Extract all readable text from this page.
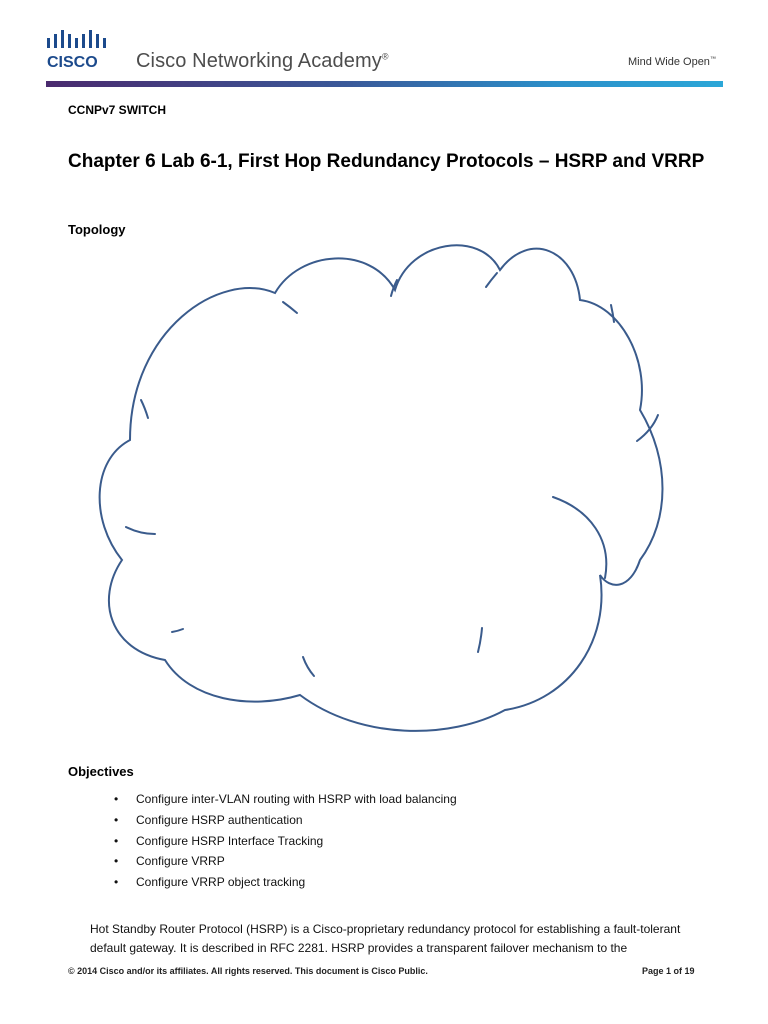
CISCO Cisco Networking Academy®	Mind Wide Open™
CCNPv7 SWITCH
Chapter 6 Lab 6-1, First Hop Redundancy Protocols – HSRP and VRRP
Topology
Objectives
• Configure inter-VLAN routing with HSRP with load balancing
• Configure HSRP authentication
• Configure HSRP Interface Tracking
• Configure VRRP
• Configure VRRP object tracking

Hot Standby Router Protocol (HSRP) is a Cisco-proprietary redundancy protocol for establishing a fault-tolerant default gateway. It is described in RFC 2281. HSRP provides a transparent failover mechanism to the

© 2014 Cisco and/or its affiliates. All rights reserved. This document is Cisco Public.	Page 1 of 19
